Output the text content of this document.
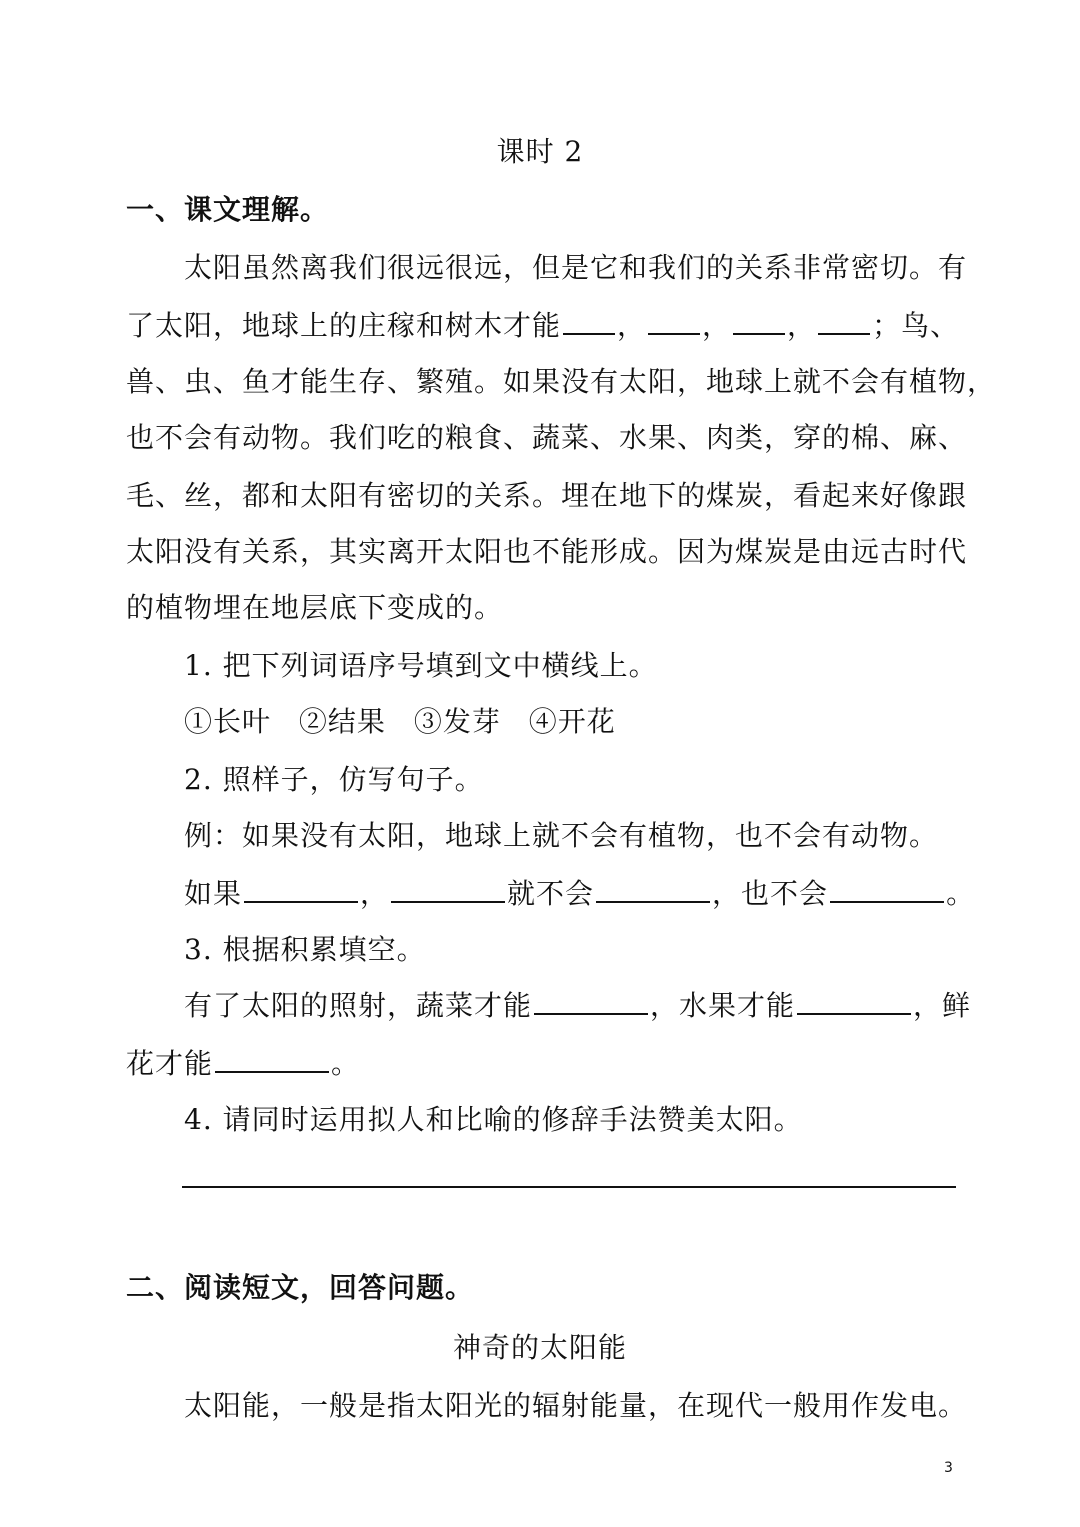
课时 2
一、课文理解。
太阳虽然离我们很远很远，但是它和我们的关系非常密切。有
了太阳，地球上的庄稼和树木才能 ， ， ， ；鸟、
兽、虫、鱼才能生存、繁殖。如果没有太阳，地球上就不会有植物，
也不会有动物。我们吃的粮食、蔬菜、水果、肉类，穿的棉、麻、
毛、丝，都和太阳有密切的关系。埋在地下的煤炭，看起来好像跟
太阳没有关系，其实离开太阳也不能形成。因为煤炭是由远古时代
的植物埋在地层底下变成的。
1. 把下列词语序号填到文中横线上。
①长叶 ②结果 ③发芽 ④开花
2. 照样子，仿写句子。
例：如果没有太阳，地球上就不会有植物，也不会有动物。
如果	，	就不会	，也不会	。
3. 根据积累填空。
有了太阳的照射，蔬菜才能	，水果才能	，鲜
花才能	。
4. 请同时运用拟人和比喻的修辞手法赞美太阳。
二、阅读短文，回答问题。
神奇的太阳能
太阳能，一般是指太阳光的辐射能量，在现代一般用作发电。
3
